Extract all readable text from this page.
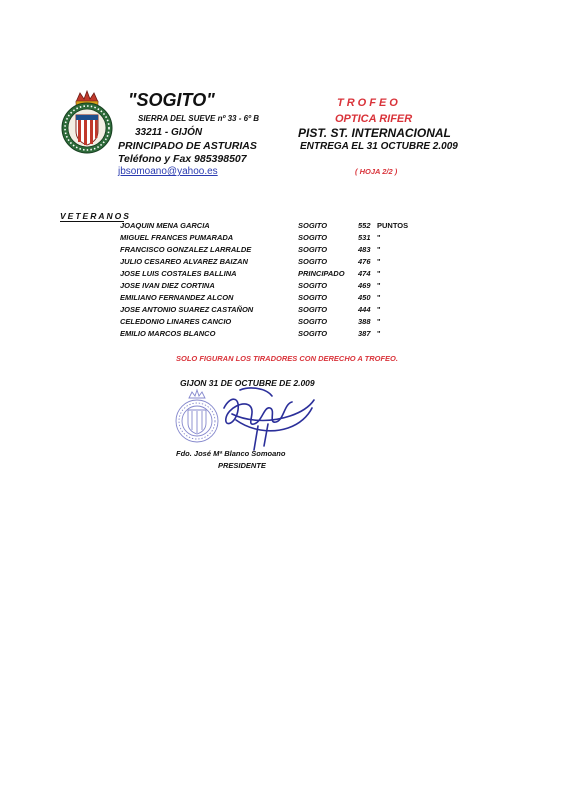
"SOGITO"
SIERRA DEL SUEVE nº 33 - 6º B
33211 - GIJÓN
PRINCIPADO DE ASTURIAS
Teléfono y Fax 985398507
jbsomoano@yahoo.es
TROFEO
OPTICA RIFER
PIST. ST. INTERNACIONAL
ENTREGA EL 31 OCTUBRE 2.009
( HOJA 2/2 )
VETERANOS
JOAQUIN MENA GARCIA	SOGITO	552 PUNTOS
MIGUEL FRANCES PUMARADA	SOGITO	531 "
FRANCISCO GONZALEZ LARRALDE	SOGITO	483 "
JULIO CESAREO ALVAREZ BAIZAN	SOGITO	476 "
JOSE LUIS COSTALES BALLINA	PRINCIPADO 474 "
JOSE IVAN DIEZ CORTINA	SOGITO	469 "
EMILIANO FERNANDEZ ALCON	SOGITO	450 "
JOSE ANTONIO SUAREZ CASTAÑON	SOGITO	444 "
CELEDONIO LINARES CANCIO	SOGITO	388 "
EMILIO MARCOS BLANCO	SOGITO	387 "
SOLO FIGURAN LOS TIRADORES CON DERECHO A TROFEO.
GIJON 31 DE OCTUBRE DE 2.009
Fdo. José Mª Blanco Somoano
PRESIDENTE
